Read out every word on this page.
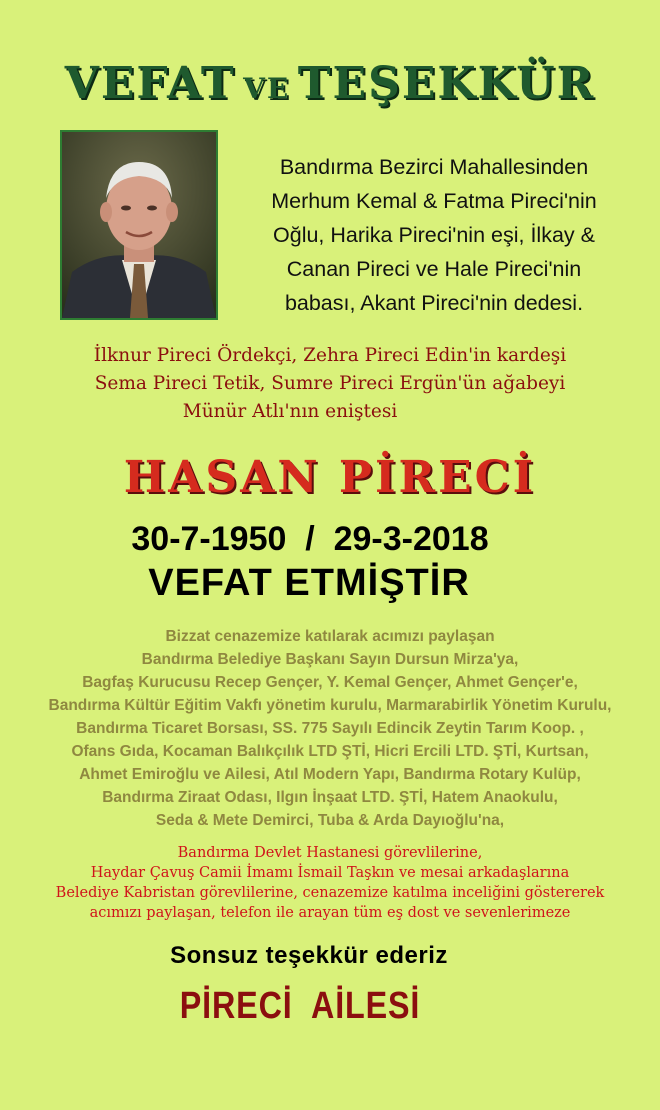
VEFAT VE TEŞEKKÜR
Bandırma Bezirci Mahallesinden
Merhum Kemal & Fatma Pireci'nin
Oğlu, Harika Pireci'nin eşi, İlkay &
Canan Pireci ve Hale Pireci'nin
babası, Akant Pireci'nin dedesi.
İlknur Pireci Ördekçi, Zehra Pireci Edin'in kardeşi
Sema Pireci Tetik, Sumre Pireci Ergün'ün ağabeyi
Münür Atlı'nın eniştesi
HASAN PİRECİ
30-7-1950  /  29-3-2018
VEFAT ETMİŞTİR
Bizzat cenazemize katılarak acımızı paylaşan
Bandırma Belediye Başkanı Sayın Dursun Mirza'ya,
Bagfaş Kurucusu Recep Gençer, Y. Kemal Gençer, Ahmet Gençer'e,
Bandırma Kültür Eğitim Vakfı yönetim kurulu, Marmarabirlik Yönetim Kurulu,
Bandırma Ticaret Borsası, SS. 775 Sayılı Edincik Zeytin Tarım Koop. ,
Ofans Gıda, Kocaman Balıkçılık LTD ŞTİ, Hicri Ercili LTD. ŞTİ, Kurtsan,
Ahmet Emiroğlu ve Ailesi, Atıl Modern Yapı, Bandırma Rotary Kulüp,
Bandırma Ziraat Odası, Ilgın İnşaat LTD. ŞTİ, Hatem Anaokulu,
Seda & Mete Demirci, Tuba & Arda Dayıoğlu'na,
Bandırma Devlet Hastanesi görevlilerine,
Haydar Çavuş Camii İmamı İsmail Taşkın ve mesai arkadaşlarına
Belediye Kabristan görevlilerine, cenazemize katılma inceliğini göstererek
acımızı paylaşan, telefon ile arayan tüm eş dost ve sevenlerimeze
Sonsuz teşekkür ederiz
PİRECİ  AİLESİ
